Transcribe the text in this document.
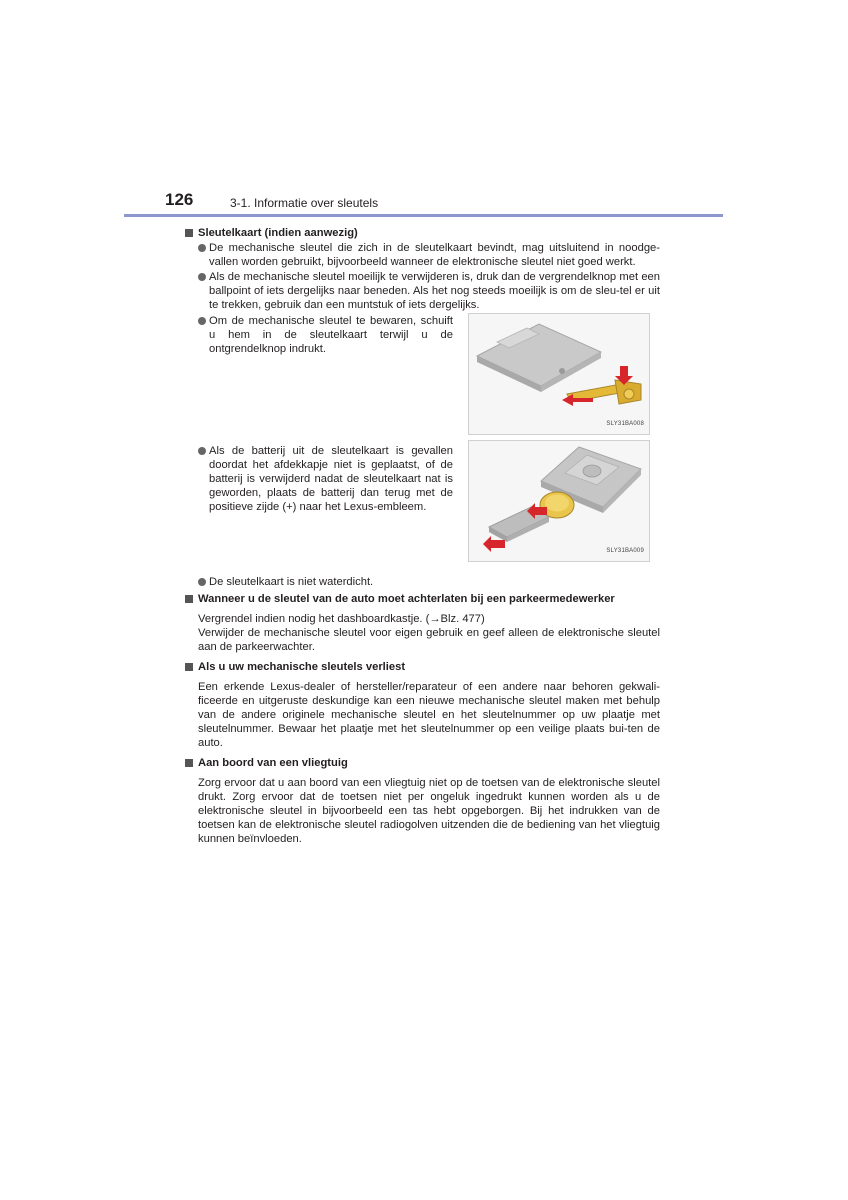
126	3-1. Informatie over sleutels
Sleutelkaart (indien aanwezig)
De mechanische sleutel die zich in de sleutelkaart bevindt, mag uitsluitend in noodge-vallen worden gebruikt, bijvoorbeeld wanneer de elektronische sleutel niet goed werkt.
Als de mechanische sleutel moeilijk te verwijderen is, druk dan de vergrendelknop met een ballpoint of iets dergelijks naar beneden. Als het nog steeds moeilijk is om de sleu-tel er uit te trekken, gebruik dan een muntstuk of iets dergelijks.
Om de mechanische sleutel te bewaren, schuift u hem in de sleutelkaart terwijl u de ontgrendelknop indrukt.
SLY31BA008
Als de batterij uit de sleutelkaart is gevallen doordat het afdekkapje niet is geplaatst, of de batterij is verwijderd nadat de sleutelkaart nat is geworden, plaats de batterij dan terug met de positieve zijde (+) naar het Lexus-embleem.
SLY31BA009
De sleutelkaart is niet waterdicht.
Wanneer u de sleutel van de auto moet achterlaten bij een parkeermedewerker
Vergrendel indien nodig het dashboardkastje. (→Blz. 477)
Verwijder de mechanische sleutel voor eigen gebruik en geef alleen de elektronische sleutel aan de parkeerwachter.
Als u uw mechanische sleutels verliest
Een erkende Lexus-dealer of hersteller/reparateur of een andere naar behoren gekwali-ficeerde en uitgeruste deskundige kan een nieuwe mechanische sleutel maken met behulp van de andere originele mechanische sleutel en het sleutelnummer op uw plaatje met sleutelnummer. Bewaar het plaatje met het sleutelnummer op een veilige plaats bui-ten de auto.
Aan boord van een vliegtuig
Zorg ervoor dat u aan boord van een vliegtuig niet op de toetsen van de elektronische sleutel drukt. Zorg ervoor dat de toetsen niet per ongeluk ingedrukt kunnen worden als u de elektronische sleutel in bijvoorbeeld een tas hebt opgeborgen. Bij het indrukken van de toetsen kan de elektronische sleutel radiogolven uitzenden die de bediening van het vliegtuig kunnen beïnvloeden.
